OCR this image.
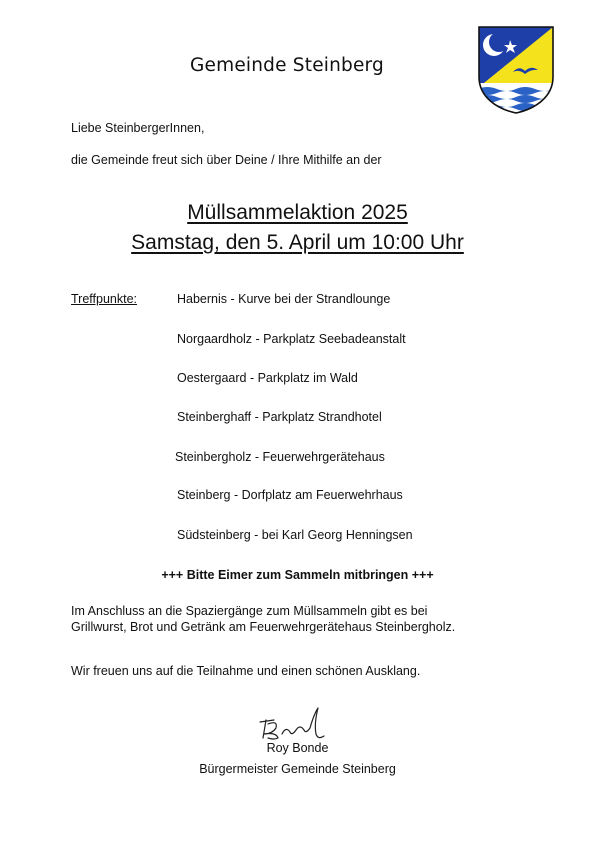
Gemeinde Steinberg
Liebe SteinbergerInnen,
die Gemeinde freut sich über Deine / Ihre Mithilfe an der
Müllsammelaktion 2025
Samstag, den 5. April um 10:00 Uhr
Treffpunkte:	Habernis - Kurve bei der Strandlounge
Norgaardholz - Parkplatz Seebadeanstalt
Oestergaard - Parkplatz im Wald
Steinberghaff - Parkplatz Strandhotel
Steinbergholz - Feuerwehrgerätehaus
Steinberg - Dorfplatz am Feuerwehrhaus
Südsteinberg - bei Karl Georg Henningsen
+++ Bitte Eimer zum Sammeln mitbringen +++
Im Anschluss an die Spaziergänge zum Müllsammeln gibt es bei
Grillwurst, Brot und Getränk am Feuerwehrgerätehaus Steinbergholz.
Wir freuen uns auf die Teilnahme und einen schönen Ausklang.
Roy Bonde
Bürgermeister Gemeinde Steinberg
